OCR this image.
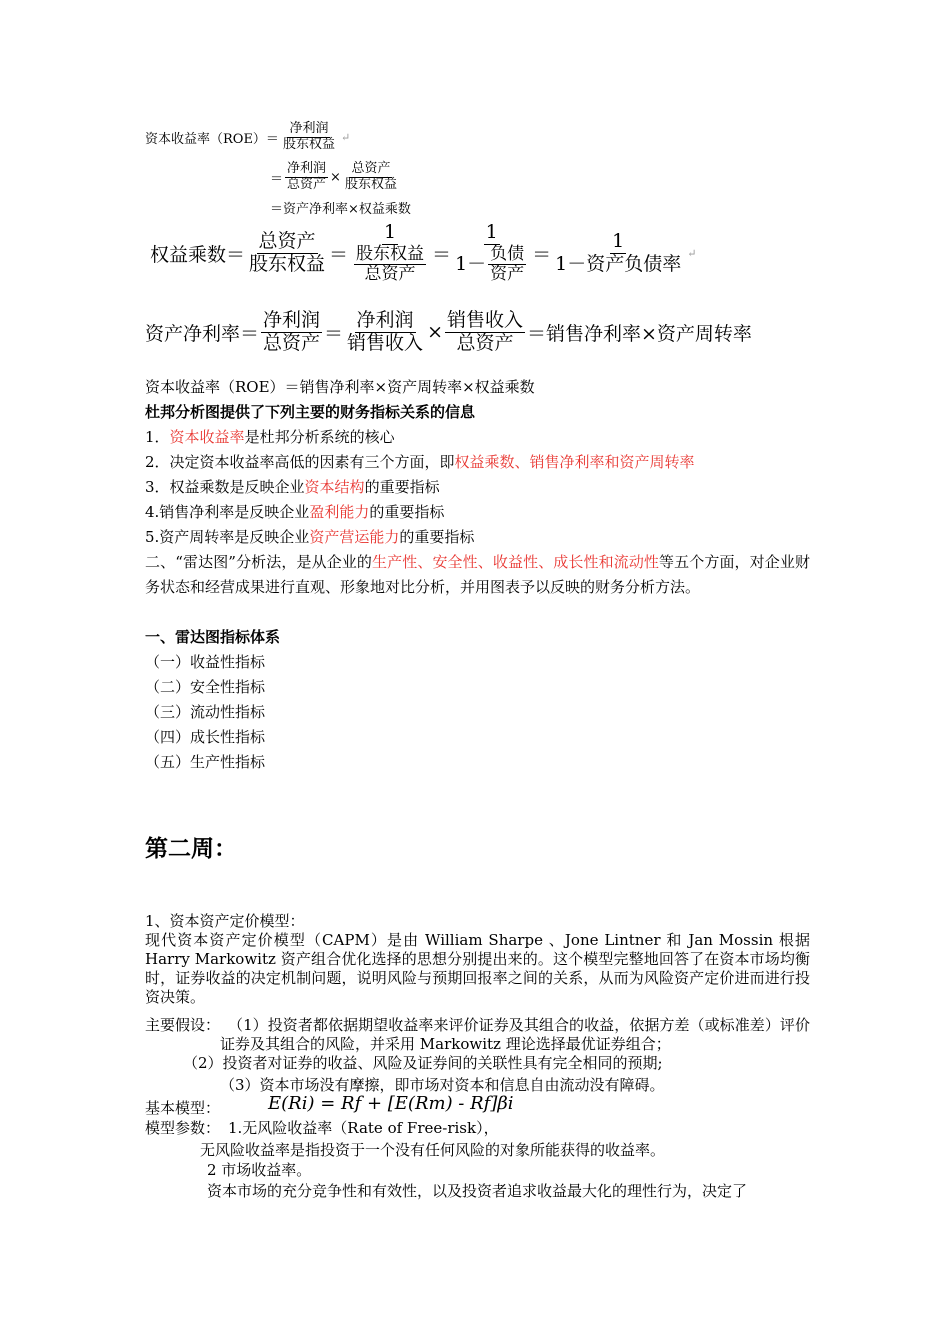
资本收益率$(ROE)= \frac{\text{净利润}}{\text{股东权益}}$ ↵
＝ $\frac{\text{净利润}}{\text{总资产}} \times \frac{\text{总资产}}{\text{股东权益}}$
＝资产净利率×权益乘数
权益乘数＝ $\frac{\text{总资产}}{\text{股东权益}} = \frac{1}{\frac{\text{股东权益}}{\text{总资产}}} = \frac{1}{1- \frac{\text{负债}}{\text{资产}}} = \frac{1}{\text{1－资产负债率}}$ ↵
资产净利率＝ $\frac{\text{净利润}}{\text{总资产}} = \frac{\text{净利润}}{\text{销售收入}} \times \frac{\text{销售收入}}{\text{总资产}}$ ＝销售净利率×资产周转率
资本收益率（ROE）＝销售净利率×资产周转率×权益乘数
杜邦分析图提供了下列主要的财务指标关系的信息
1．资本收益率是杜邦分析系统的核心
2．决定资本收益率高低的因素有三个方面，即权益乘数、销售净利率和资产周转率
3．权益乘数是反映企业资本结构的重要指标
4.销售净利率是反映企业盈利能力的重要指标
5.资产周转率是反映企业资产营运能力的重要指标
二、“雷达图”分析法，是从企业的生产性、安全性、收益性、成长性和流动性等五个方面，对企业财务状态和经营成果进行直观、形象地对比分析，并用图表予以反映的财务分析方法。
一、雷达图指标体系
（一）收益性指标
（二）安全性指标
（三）流动性指标
（四）成长性指标
（五）生产性指标
第二周：
1、资本资产定价模型：
现代资本资产定价模型（CAPM）是由 William Sharpe 、Jone Lintner 和 Jan Mossin 根据 Harry Markowitz 资产组合优化选择的思想分别提出来的。这个模型完整地回答了在资本市场均衡时，证券收益的决定机制问题，说明风险与预期回报率之间的关系，从而为风险资产定价进而进行投资决策。
主要假设： （1）投资者都依据期望收益率来评价证券及其组合的收益，依据方差（或标准差）评价证券及其组合的风险，并采用 Markowitz 理论选择最优证券组合；
（2）投资者对证券的收益、风险及证券间的关联性具有完全相同的预期;
（3）资本市场没有摩擦，即市场对资本和信息自由流动没有障碍。
基本模型：	E(Ri) = Rf + [E(Rm) - Rf]βi
模型参数： 1.无风险收益率（Rate of Free-risk），
无风险收益率是指投资于一个没有任何风险的对象所能获得的收益率。
2 市场收益率。
资本市场的充分竞争性和有效性，以及投资者追求收益最大化的理性行为，决定了
